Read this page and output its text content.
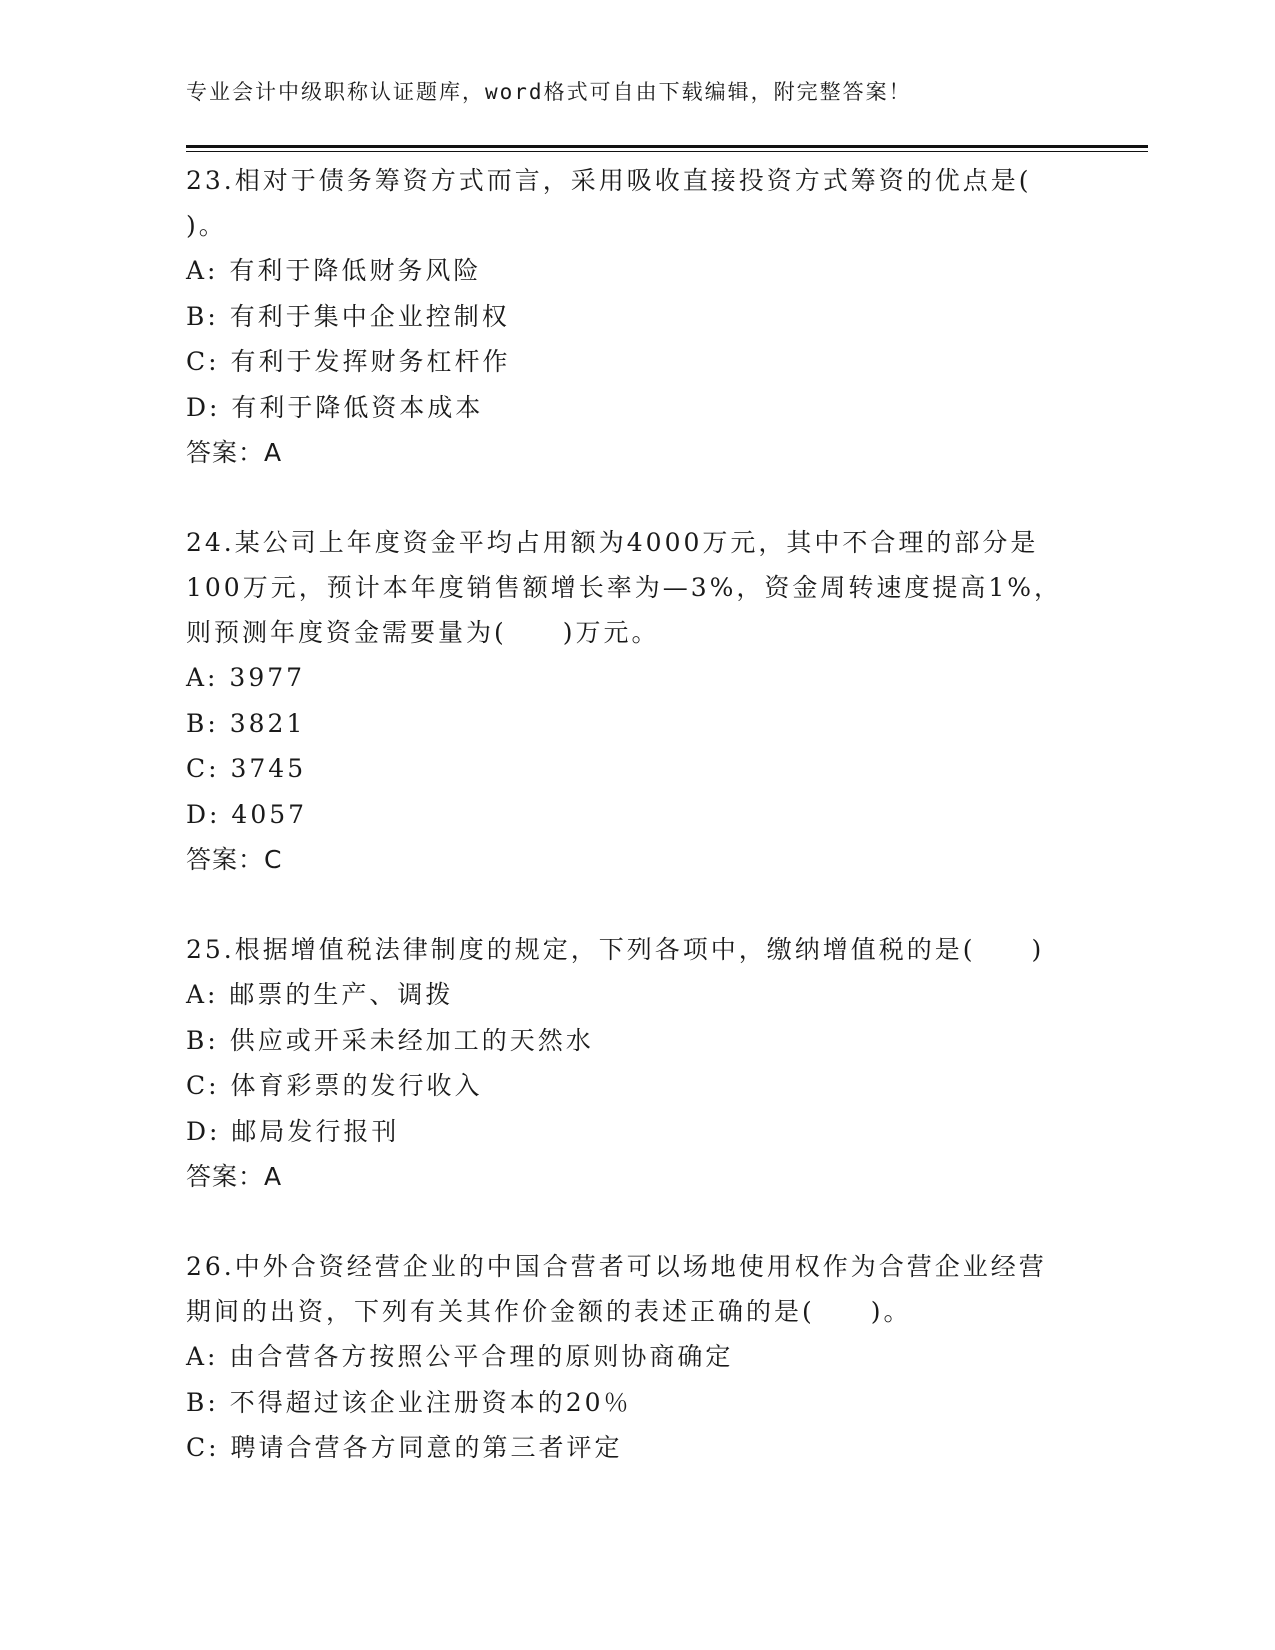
专业会计中级职称认证题库，word格式可自由下载编辑，附完整答案！
23.相对于债务筹资方式而言，采用吸收直接投资方式筹资的优点是(
)。
A: 有利于降低财务风险
B: 有利于集中企业控制权
C: 有利于发挥财务杠杆作
D: 有利于降低资本成本
答案：A
24.某公司上年度资金平均占用额为4000万元，其中不合理的部分是
100万元，预计本年度销售额增长率为—3%，资金周转速度提高1%，
则预测年度资金需要量为(　　)万元。
A: 3977
B: 3821
C: 3745
D: 4057
答案：C
25.根据增值税法律制度的规定，下列各项中，缴纳增值税的是(　　)
A: 邮票的生产、调拨
B: 供应或开采未经加工的天然水
C: 体育彩票的发行收入
D: 邮局发行报刊
答案：A
26.中外合资经营企业的中国合营者可以场地使用权作为合营企业经营
期间的出资，下列有关其作价金额的表述正确的是(　　)。
A: 由合营各方按照公平合理的原则协商确定
B: 不得超过该企业注册资本的20％
C: 聘请合营各方同意的第三者评定
